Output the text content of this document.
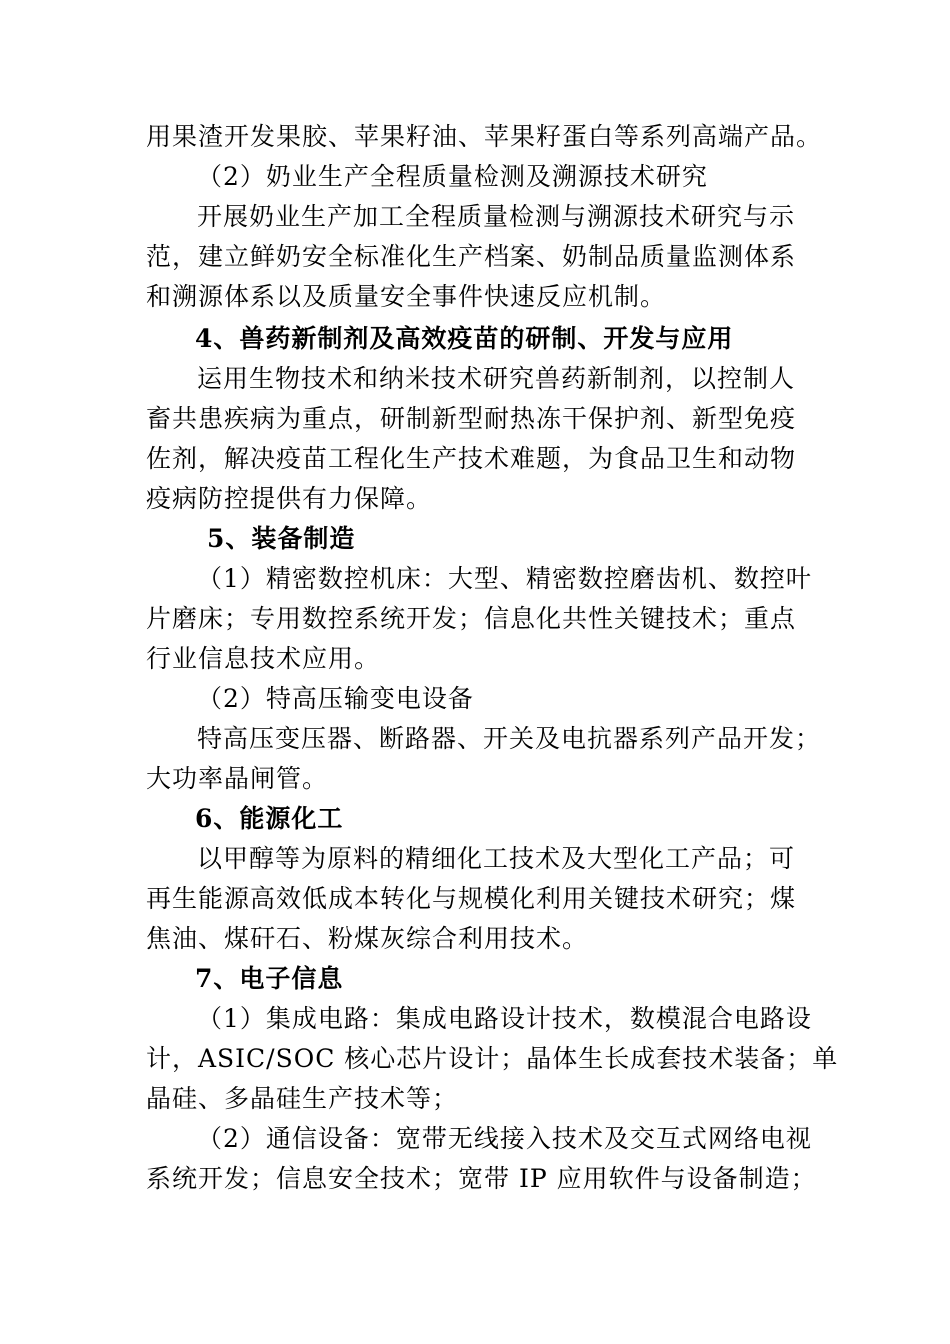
用果渣开发果胶、苹果籽油、苹果籽蛋白等系列高端产品。
（2）奶业生产全程质量检测及溯源技术研究
开展奶业生产加工全程质量检测与溯源技术研究与示
范，建立鲜奶安全标准化生产档案、奶制品质量监测体系
和溯源体系以及质量安全事件快速反应机制。
4、兽药新制剂及高效疫苗的研制、开发与应用
运用生物技术和纳米技术研究兽药新制剂，以控制人
畜共患疾病为重点，研制新型耐热冻干保护剂、新型免疫
佐剂，解决疫苗工程化生产技术难题，为食品卫生和动物
疫病防控提供有力保障。
5、装备制造
（1）精密数控机床：大型、精密数控磨齿机、数控叶
片磨床；专用数控系统开发；信息化共性关键技术；重点
行业信息技术应用。
（2）特高压输变电设备
特高压变压器、断路器、开关及电抗器系列产品开发；
大功率晶闸管。
6、能源化工
以甲醇等为原料的精细化工技术及大型化工产品；可
再生能源高效低成本转化与规模化利用关键技术研究；煤
焦油、煤矸石、粉煤灰综合利用技术。
7、电子信息
（1）集成电路：集成电路设计技术，数模混合电路设
计，ASIC/SOC 核心芯片设计；晶体生长成套技术装备；单
晶硅、多晶硅生产技术等；
（2）通信设备：宽带无线接入技术及交互式网络电视
系统开发；信息安全技术；宽带 IP 应用软件与设备制造；
